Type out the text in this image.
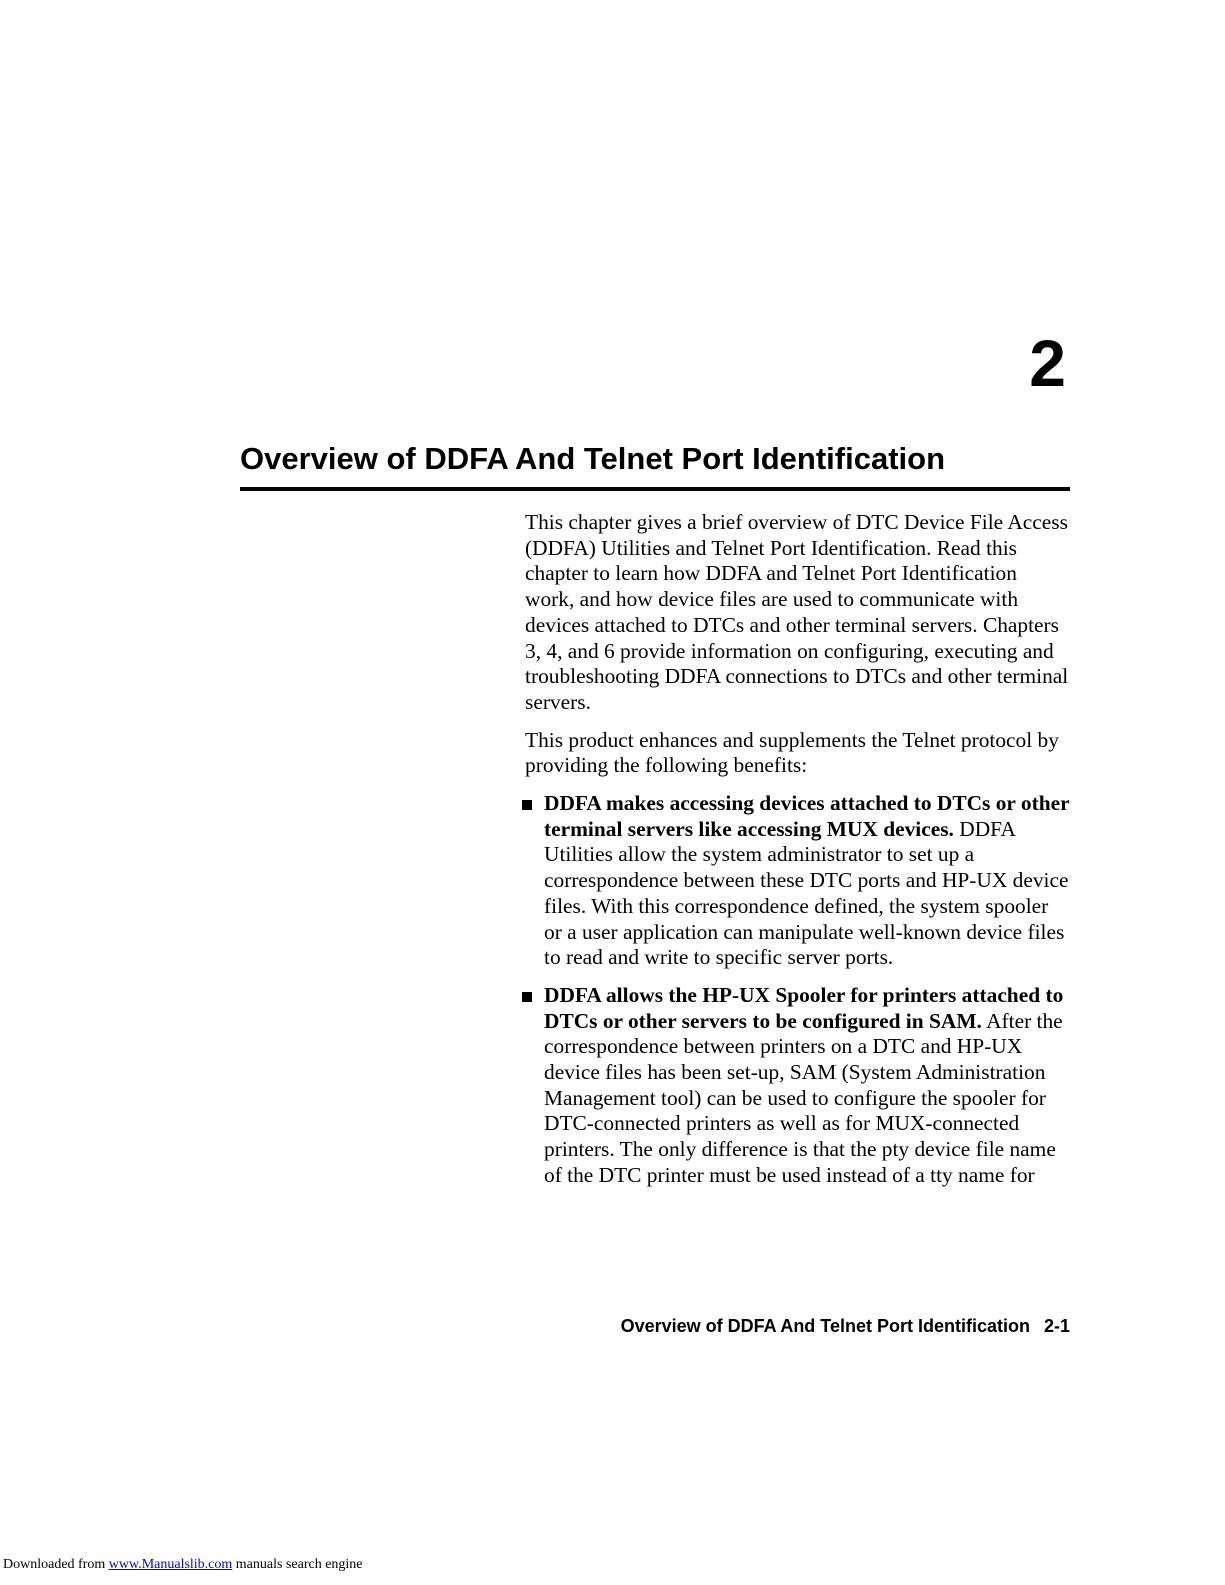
2
Overview of DDFA And Telnet Port Identification

This chapter gives a brief overview of DTC Device File Access (DDFA) Utilities and Telnet Port Identification. Read this chapter to learn how DDFA and Telnet Port Identification work, and how device files are used to communicate with devices attached to DTCs and other terminal servers. Chapters 3, 4, and 6 provide information on configuring, executing and troubleshooting DDFA connections to DTCs and other terminal servers.

This product enhances and supplements the Telnet protocol by providing the following benefits:

DDFA makes accessing devices attached to DTCs or other terminal servers like accessing MUX devices. DDFA Utilities allow the system administrator to set up a correspondence between these DTC ports and HP-UX device files. With this correspondence defined, the system spooler or a user application can manipulate well-known device files to read and write to specific server ports.
DDFA allows the HP-UX Spooler for printers attached to DTCs or other servers to be configured in SAM. After the correspondence between printers on a DTC and HP-UX device files has been set-up, SAM (System Administration Management tool) can be used to configure the spooler for DTC-connected printers as well as for MUX-connected printers. The only difference is that the pty device file name of the DTC printer must be used instead of a tty name for
Overview of DDFA And Telnet Port Identification 2-1
Downloaded from www.Manualslib.com manuals search engine
